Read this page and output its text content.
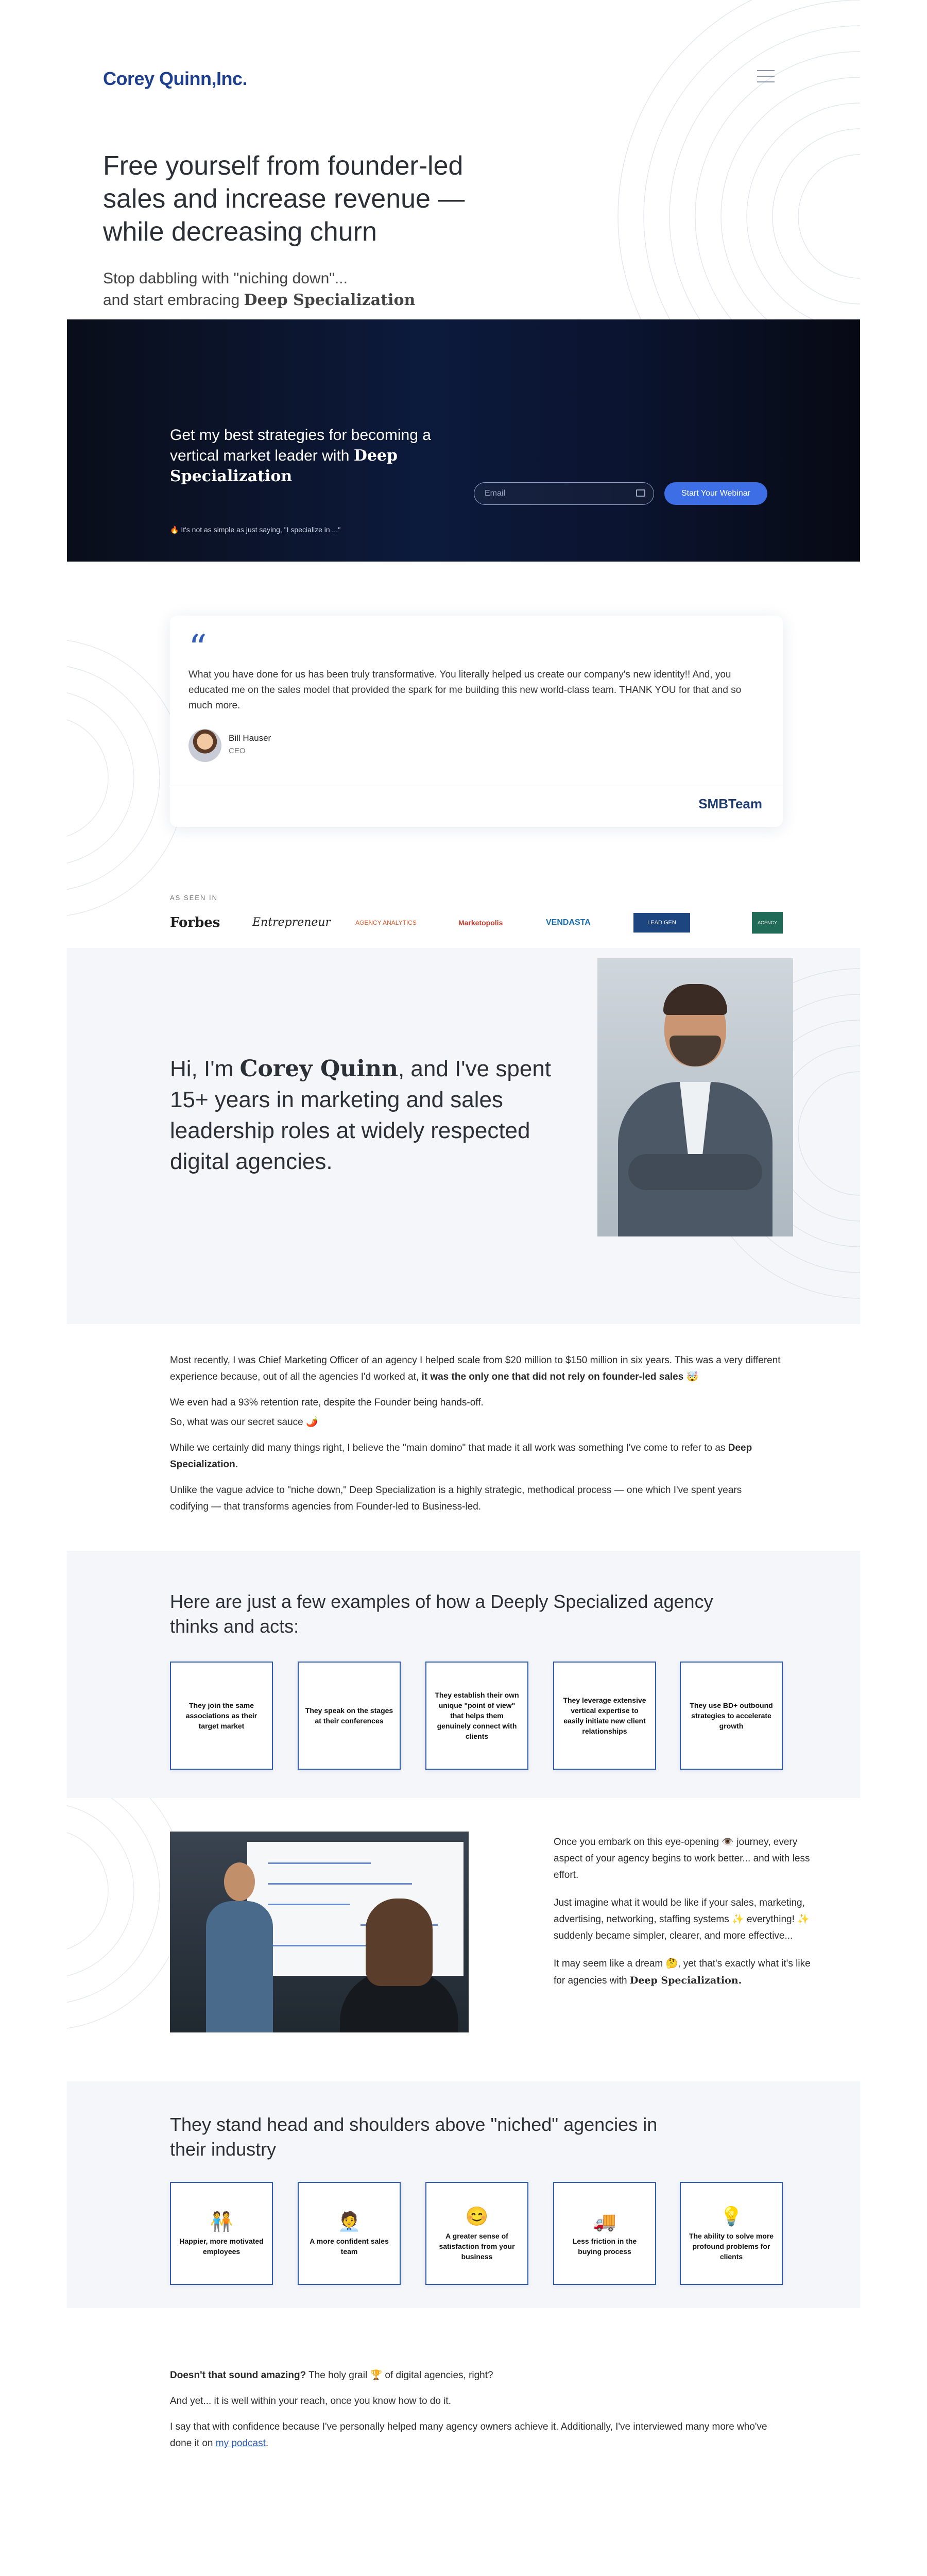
Corey Quinn,Inc.
Free yourself from founder-led sales and increase revenue — while decreasing churn
Stop dabbling with "niching down"...
and start embracing Deep Specialization
Get my best strategies for becoming a vertical market leader with Deep Specialization
🔥 It's not as simple as just saying, "I specialize in ..."
Email	Start Your Webinar
“
What you have done for us has been truly transformative. You literally helped us create our company's new identity!! And, you educated me on the sales model that provided the spark for me building this new world-class team. THANK YOU for that and so much more.
Bill Hauser
CEO
SMBTeam
AS SEEN IN
Forbes	Entrepreneur	AGENCY ANALYTICS	Marketopolis	VENDASTA	LEAD GEN	AGENCY
Hi, I'm Corey Quinn, and I've spent 15+ years in marketing and sales leadership roles at widely respected digital agencies.

Most recently, I was Chief Marketing Officer of an agency I helped scale from $20 million to $150 million in six years. This was a very different experience because, out of all the agencies I'd worked at, it was the only one that did not rely on founder-led sales 🤯

We even had a 93% retention rate, despite the Founder being hands-off.

So, what was our secret sauce 🌶️

While we certainly did many things right, I believe the "main domino" that made it all work was something I've come to refer to as Deep Specialization.

Unlike the vague advice to "niche down," Deep Specialization is a highly strategic, methodical process — one which I've spent years codifying — that transforms agencies from Founder-led to Business-led.

Here are just a few examples of how a Deeply Specialized agency thinks and acts:
They join the same associations as their target market
They speak on the stages at their conferences
They establish their own unique "point of view" that helps them genuinely connect with clients
They leverage extensive vertical expertise to easily initiate new client relationships
They use BD+ outbound strategies to accelerate growth

Once you embark on this eye-opening 👁️ journey, every aspect of your agency begins to work better... and with less effort.

Just imagine what it would be like if your sales, marketing, advertising, networking, staffing systems ✨ everything! ✨ suddenly became simpler, clearer, and more effective...

It may seem like a dream 🤔, yet that's exactly what it's like for agencies with Deep Specialization.

They stand head and shoulders above "niched" agencies in their industry
🧑‍🤝‍🧑
Happier, more motivated employees
🧑‍💼
A more confident sales team
😊
A greater sense of satisfaction from your business
🚚
Less friction in the buying process
💡
The ability to solve more profound problems for clients

Doesn't that sound amazing? The holy grail 🏆 of digital agencies, right?

And yet... it is well within your reach, once you know how to do it.

I say that with confidence because I've personally helped many agency owners achieve it. Additionally, I've interviewed many more who've done it on my podcast.
